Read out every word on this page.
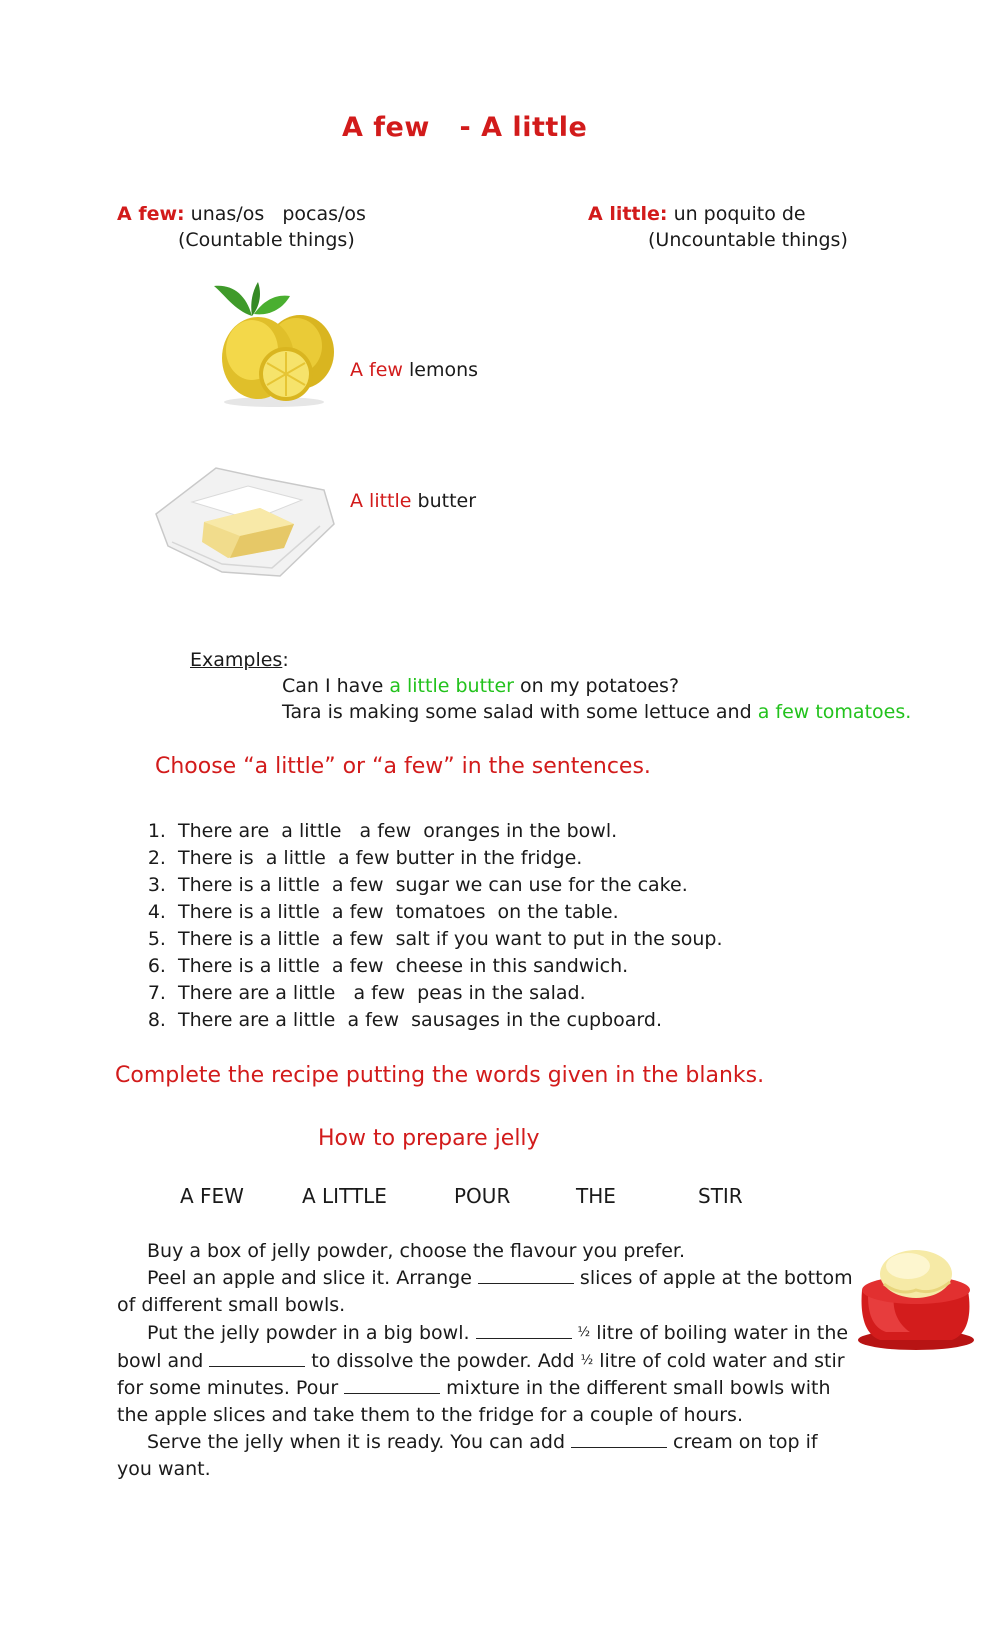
A few - A little
A few: unas/os   pocas/os
(Countable things)
A little: un poquito de
(Uncountable things)
A few lemons
A little butter
Examples:
Can I have a little butter on my potatoes?
Tara is making some salad with some lettuce and a few tomatoes.
Choose “a little” or “a few” in the sentences.
1. There are a little a few oranges in the bowl.
2. There is a little a few butter in the fridge.
3. There is a little a few sugar we can use for the cake.
4. There is a little a few tomatoes  on the table.
5. There is a little a few salt if you want to put in the soup.
6. There is a little a few cheese in this sandwich.
7. There are a little a few peas in the salad.
8. There are a little a few sausages in the cupboard.
Complete the recipe putting the words given in the blanks.
How to prepare jelly
A FEW	A LITTLE	POUR	THE	STIR

Buy a box of jelly powder, choose the flavour you prefer.

Peel an apple and slice it. Arrange	slices of apple at the bottom of different small bowls.

Put the jelly powder in a big bowl.	½ litre of boiling water in the bowl and	to dissolve the powder. Add ½ litre of cold water and stir for some minutes. Pour	mixture in the different small bowls with the apple slices and take them to the fridge for a couple of hours.

Serve the jelly when it is ready. You can add	cream on top if you want.
